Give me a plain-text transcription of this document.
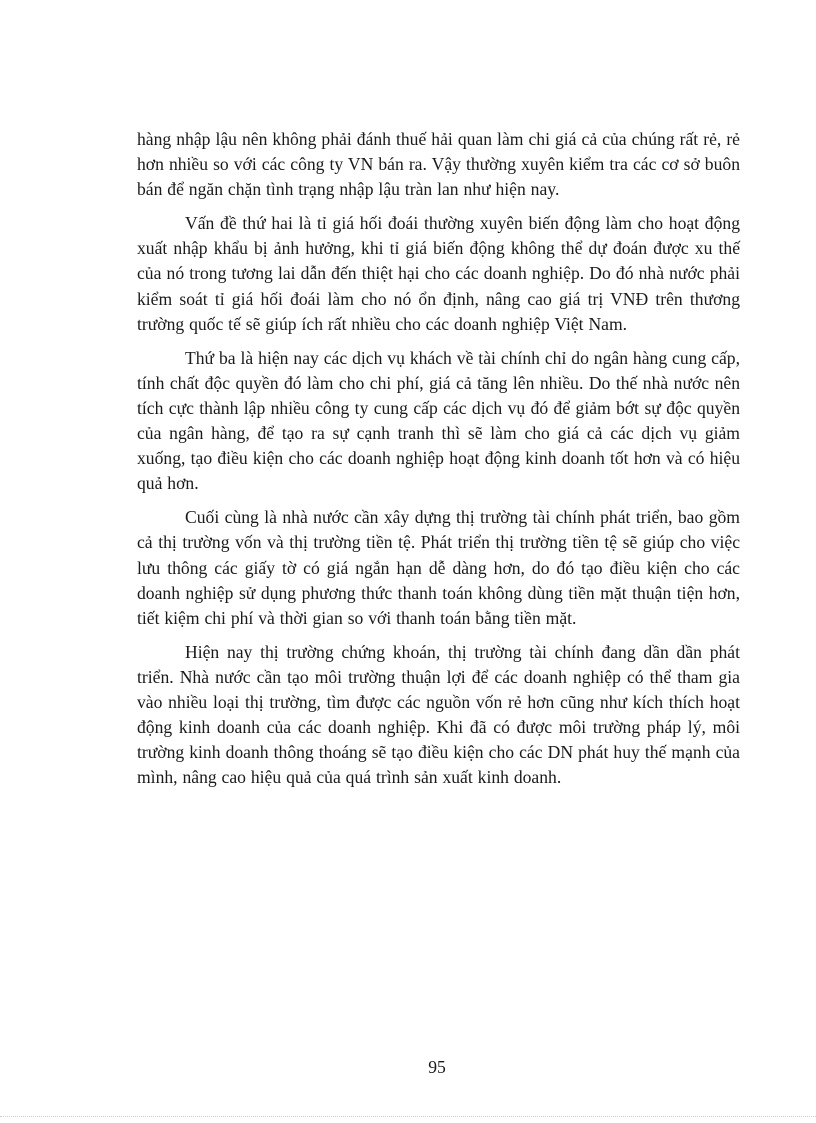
hàng nhập lậu nên không phải đánh thuế hải quan làm chi giá cả của chúng rất rẻ, rẻ hơn nhiều so với các công ty VN bán ra. Vậy thường xuyên kiểm tra các cơ sở buôn bán để ngăn chặn tình trạng nhập lậu tràn lan như hiện nay.

Vấn đề thứ hai là tỉ giá hối đoái thường xuyên biến động làm cho hoạt động xuất nhập khẩu bị ảnh hưởng, khi tỉ giá biến động không thể dự đoán được xu thế của nó trong tương lai dẫn đến thiệt hại cho các doanh nghiệp. Do đó nhà nước phải kiểm soát tỉ giá hối đoái làm cho nó ổn định, nâng cao giá trị VNĐ trên thương trường quốc tế sẽ giúp ích rất nhiều cho các doanh nghiệp Việt Nam.

Thứ ba là hiện nay các dịch vụ khách về tài chính chỉ do ngân hàng cung cấp, tính chất độc quyền đó làm cho chi phí, giá cả tăng lên nhiều. Do thế nhà nước nên tích cực thành lập nhiều công ty cung cấp các dịch vụ đó để giảm bớt sự độc quyền của ngân hàng, để tạo ra sự cạnh tranh thì sẽ làm cho giá cả các dịch vụ giảm xuống, tạo điều kiện cho các doanh nghiệp hoạt động kinh doanh tốt hơn và có hiệu quả hơn.

Cuối cùng là nhà nước cần xây dựng thị trường tài chính phát triển, bao gồm cả thị trường vốn và thị trường tiền tệ. Phát triển thị trường tiền tệ sẽ giúp cho việc lưu thông các giấy tờ có giá ngắn hạn dễ dàng hơn, do đó tạo điều kiện cho các doanh nghiệp sử dụng phương thức thanh toán không dùng tiền mặt thuận tiện hơn, tiết kiệm chi phí và thời gian so với thanh toán bằng tiền mặt.

Hiện nay thị trường chứng khoán, thị trường tài chính đang dần dần phát triển. Nhà nước cần tạo môi trường thuận lợi để các doanh nghiệp có thể tham gia vào nhiều loại thị trường, tìm được các nguồn vốn rẻ hơn cũng như kích thích hoạt động kinh doanh của các doanh nghiệp. Khi đã có được môi trường pháp lý, môi trường kinh doanh thông thoáng sẽ tạo điều kiện cho các DN phát huy thế mạnh của mình, nâng cao hiệu quả của quá trình sản xuất kinh doanh.

95
